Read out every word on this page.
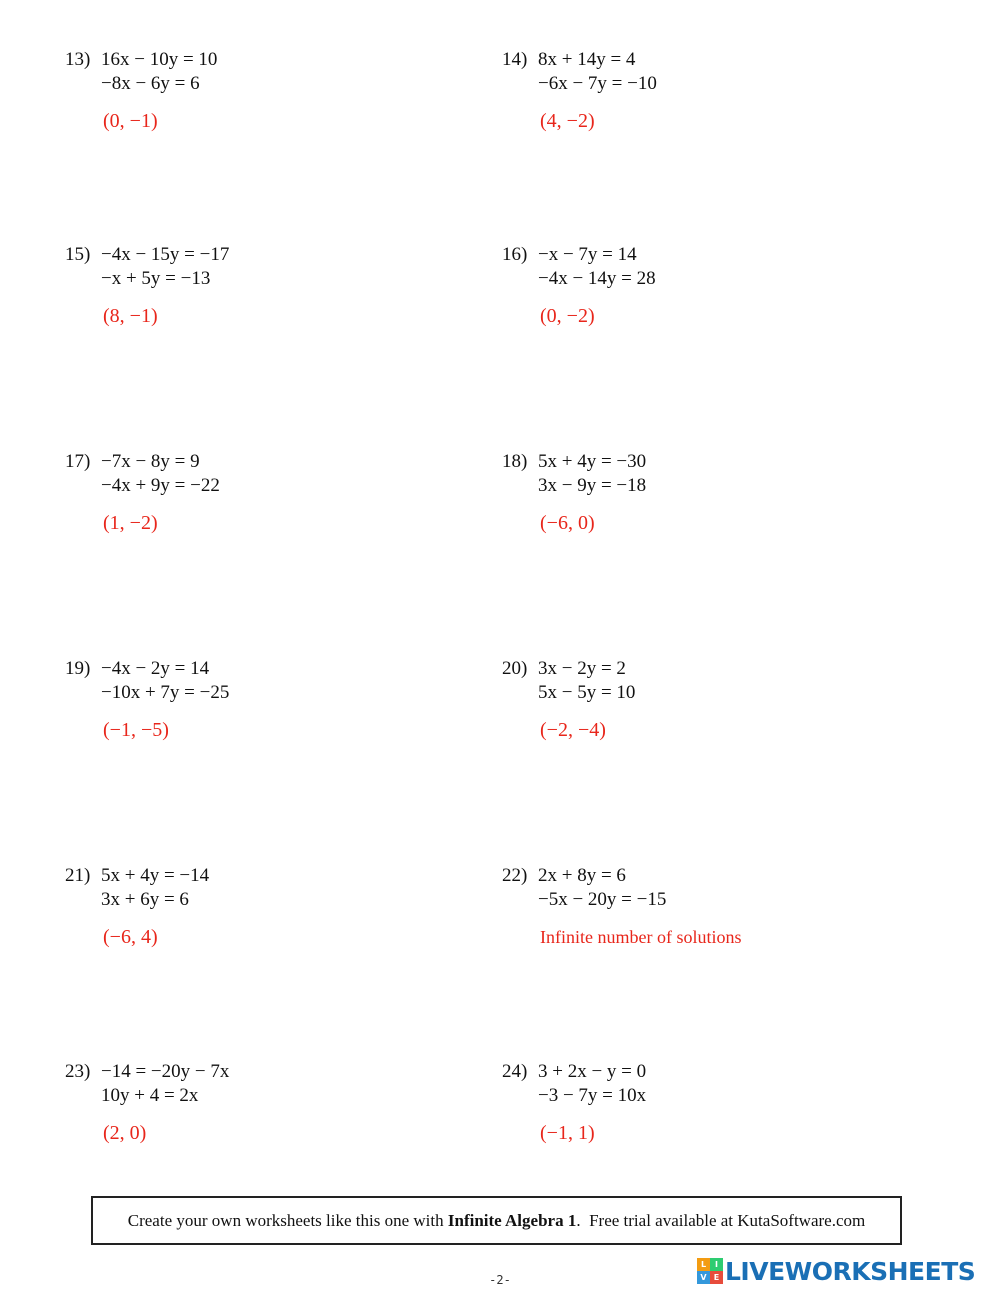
13) 16x − 10y = 10
−8x − 6y = 6
(0, −1)
14) 8x + 14y = 4
−6x − 7y = −10
(4, −2)
15) −4x − 15y = −17
−x + 5y = −13
(8, −1)
16) −x − 7y = 14
−4x − 14y = 28
(0, −2)
17) −7x − 8y = 9
−4x + 9y = −22
(1, −2)
18) 5x + 4y = −30
3x − 9y = −18
(−6, 0)
19) −4x − 2y = 14
−10x + 7y = −25
(−1, −5)
20) 3x − 2y = 2
5x − 5y = 10
(−2, −4)
21) 5x + 4y = −14
3x + 6y = 6
(−6, 4)
22) 2x + 8y = 6
−5x − 20y = −15
Infinite number of solutions
23) −14 = −20y − 7x
10y + 4 = 2x
(2, 0)
24) 3 + 2x − y = 0
−3 − 7y = 10x
(−1, 1)
Create your own worksheets like this one with Infinite Algebra 1 .  Free trial available at KutaSoftware.com
L	I
V E LIVEWORKSHEETS
-2-
